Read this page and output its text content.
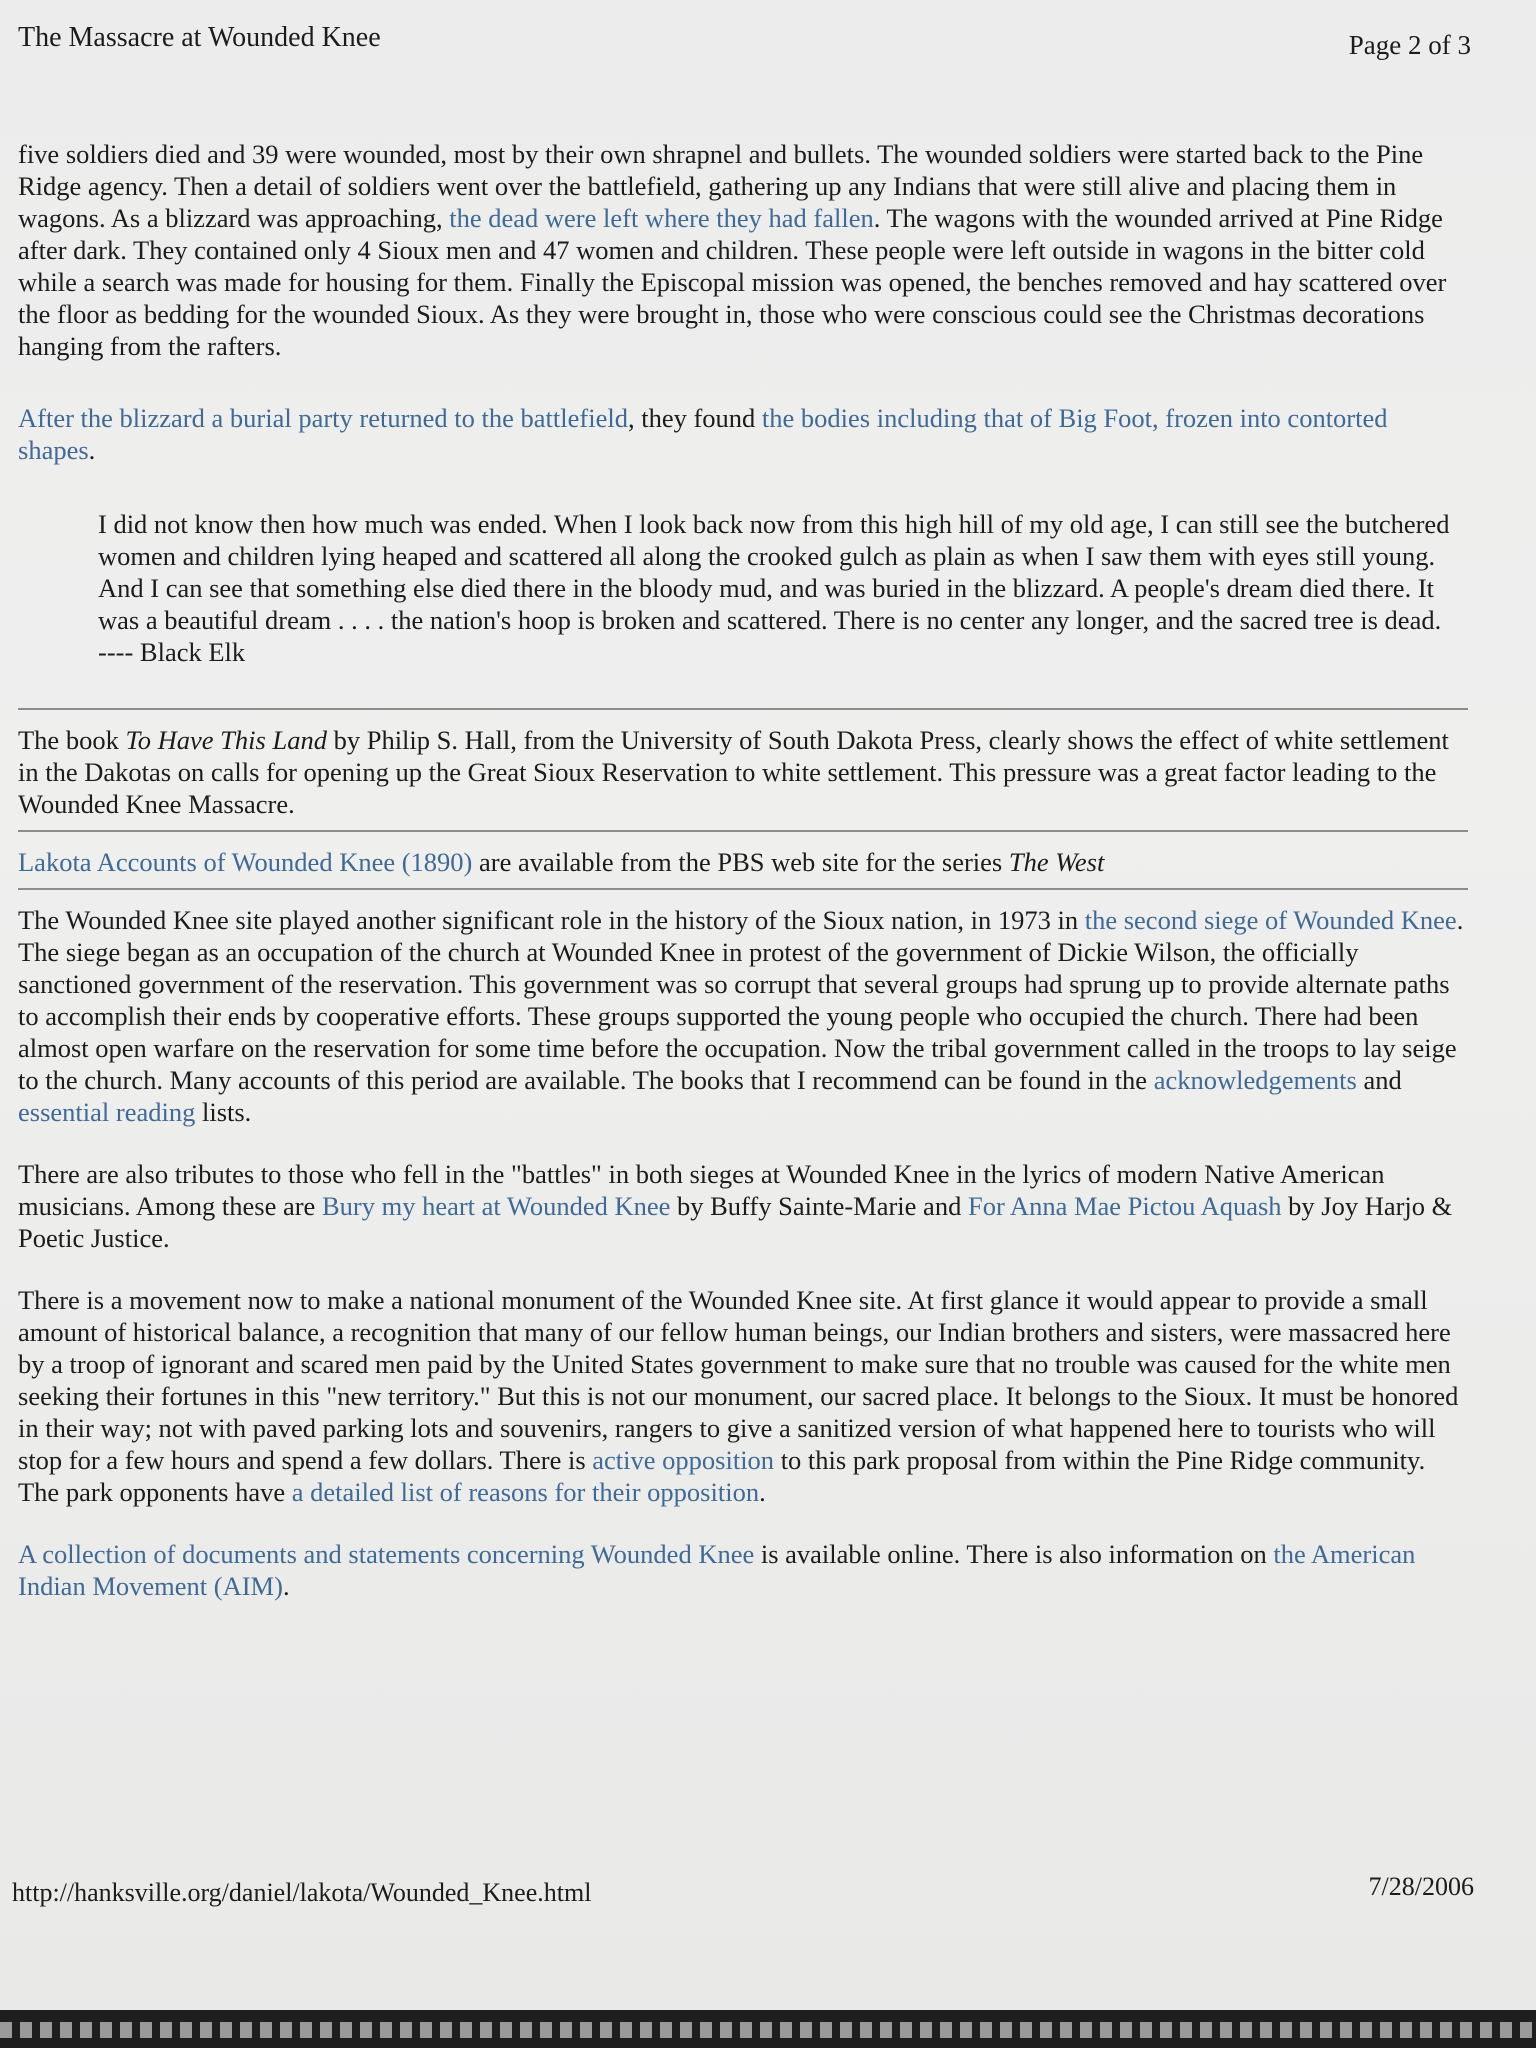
The Massacre at Wounded Knee	Page 2 of 3

five soldiers died and 39 were wounded, most by their own shrapnel and bullets. The wounded soldiers were started back to the Pine Ridge agency. Then a detail of soldiers went over the battlefield, gathering up any Indians that were still alive and placing them in wagons. As a blizzard was approaching, the dead were left where they had fallen. The wagons with the wounded arrived at Pine Ridge after dark. They contained only 4 Sioux men and 47 women and children. These people were left outside in wagons in the bitter cold while a search was made for housing for them. Finally the Episcopal mission was opened, the benches removed and hay scattered over the floor as bedding for the wounded Sioux. As they were brought in, those who were conscious could see the Christmas decorations hanging from the rafters.

After the blizzard a burial party returned to the battlefield, they found the bodies including that of Big Foot, frozen into contorted shapes.

I did not know then how much was ended. When I look back now from this high hill of my old age, I can still see the butchered women and children lying heaped and scattered all along the crooked gulch as plain as when I saw them with eyes still young. And I can see that something else died there in the bloody mud, and was buried in the blizzard. A people's dream died there. It was a beautiful dream . . . . the nation's hoop is broken and scattered. There is no center any longer, and the sacred tree is dead.
---- Black Elk

The book To Have This Land by Philip S. Hall, from the University of South Dakota Press, clearly shows the effect of white settlement in the Dakotas on calls for opening up the Great Sioux Reservation to white settlement. This pressure was a great factor leading to the Wounded Knee Massacre.

Lakota Accounts of Wounded Knee (1890) are available from the PBS web site for the series The West

The Wounded Knee site played another significant role in the history of the Sioux nation, in 1973 in the second siege of Wounded Knee. The siege began as an occupation of the church at Wounded Knee in protest of the government of Dickie Wilson, the officially sanctioned government of the reservation. This government was so corrupt that several groups had sprung up to provide alternate paths to accomplish their ends by cooperative efforts. These groups supported the young people who occupied the church. There had been almost open warfare on the reservation for some time before the occupation. Now the tribal government called in the troops to lay seige to the church. Many accounts of this period are available. The books that I recommend can be found in the acknowledgements and essential reading lists.

There are also tributes to those who fell in the "battles" in both sieges at Wounded Knee in the lyrics of modern Native American musicians. Among these are Bury my heart at Wounded Knee by Buffy Sainte-Marie and For Anna Mae Pictou Aquash by Joy Harjo & Poetic Justice.

There is a movement now to make a national monument of the Wounded Knee site. At first glance it would appear to provide a small amount of historical balance, a recognition that many of our fellow human beings, our Indian brothers and sisters, were massacred here by a troop of ignorant and scared men paid by the United States government to make sure that no trouble was caused for the white men seeking their fortunes in this "new territory." But this is not our monument, our sacred place. It belongs to the Sioux. It must be honored in their way; not with paved parking lots and souvenirs, rangers to give a sanitized version of what happened here to tourists who will stop for a few hours and spend a few dollars. There is active opposition to this park proposal from within the Pine Ridge community. The park opponents have a detailed list of reasons for their opposition.

A collection of documents and statements concerning Wounded Knee is available online. There is also information on the American Indian Movement (AIM).

http://hanksville.org/daniel/lakota/Wounded_Knee.html	7/28/2006
